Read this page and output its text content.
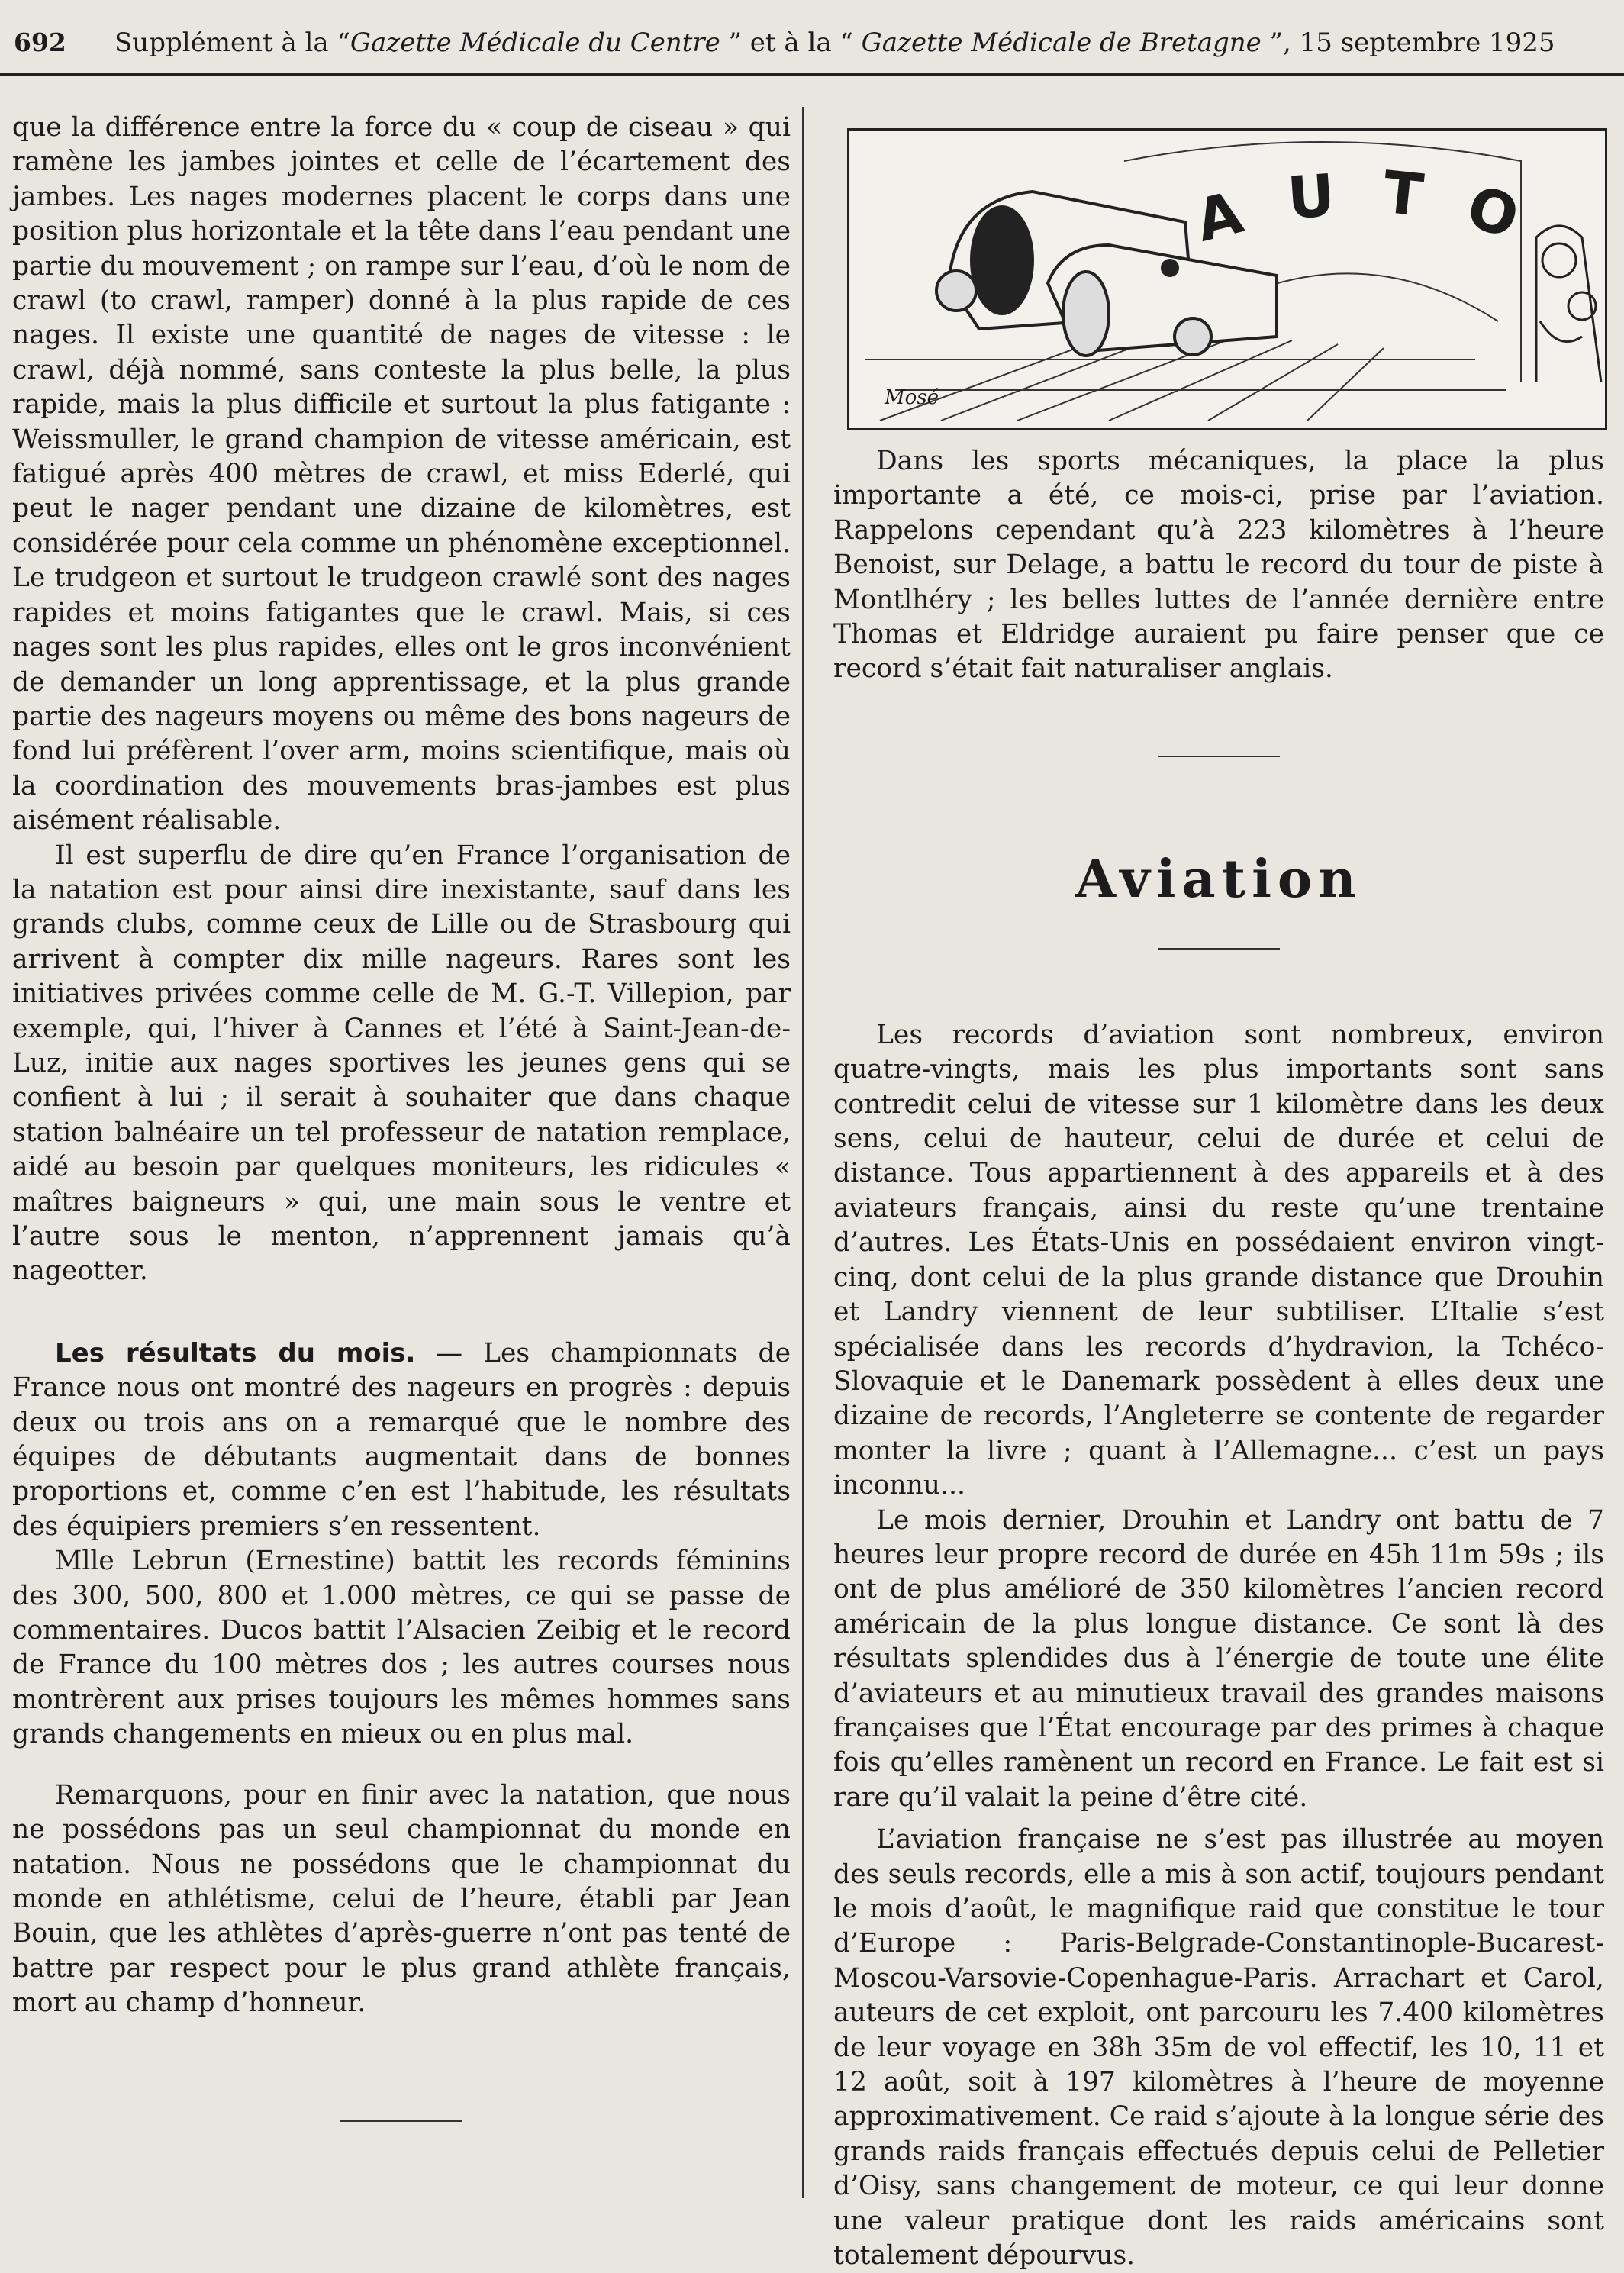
692 Supplément à la “Gazette Médicale du Centre ” et à la “ Gazette Médicale de Bretagne ”, 15 septembre 1925

que la différence entre la force du « coup de ciseau » qui ramène les jambes jointes et celle de l’écartement des jambes. Les nages modernes placent le corps dans une position plus horizontale et la tête dans l’eau pendant une partie du mouvement ; on rampe sur l’eau, d’où le nom de crawl (to crawl, ramper) donné à la plus rapide de ces nages. Il existe une quantité de nages de vitesse : le crawl, déjà nommé, sans conteste la plus belle, la plus rapide, mais la plus difficile et surtout la plus fatigante : Weissmuller, le grand champion de vitesse américain, est fatigué après 400 mètres de crawl, et miss Ederlé, qui peut le nager pendant une dizaine de kilomètres, est considérée pour cela comme un phénomène exceptionnel. Le trudgeon et surtout le trudgeon crawlé sont des nages rapides et moins fatigantes que le crawl. Mais, si ces nages sont les plus rapides, elles ont le gros inconvénient de demander un long apprentissage, et la plus grande partie des nageurs moyens ou même des bons nageurs de fond lui préfèrent l’over arm, moins scientifique, mais où la coordination des mouvements bras-jambes est plus aisément réalisable.

Il est superflu de dire qu’en France l’organisation de la natation est pour ainsi dire inexistante, sauf dans les grands clubs, comme ceux de Lille ou de Strasbourg qui arrivent à compter dix mille nageurs. Rares sont les initiatives privées comme celle de M. G.-T. Villepion, par exemple, qui, l’hiver à Cannes et l’été à Saint-Jean-de-Luz, initie aux nages sportives les jeunes gens qui se confient à lui ; il serait à souhaiter que dans chaque station balnéaire un tel professeur de natation remplace, aidé au besoin par quelques moniteurs, les ridicules « maîtres baigneurs » qui, une main sous le ventre et l’autre sous le menton, n’apprennent jamais qu’à nageotter.

Les résultats du mois. — Les championnats de France nous ont montré des nageurs en progrès : depuis deux ou trois ans on a remarqué que le nombre des équipes de débutants augmentait dans de bonnes proportions et, comme c’en est l’habitude, les résultats des équipiers premiers s’en ressentent.

Mlle Lebrun (Ernestine) battit les records féminins des 300, 500, 800 et 1.000 mètres, ce qui se passe de commentaires. Ducos battit l’Alsacien Zeibig et le record de France du 100 mètres dos ; les autres courses nous montrèrent aux prises toujours les mêmes hommes sans grands changements en mieux ou en plus mal.

Remarquons, pour en finir avec la natation, que nous ne possédons pas un seul championnat du monde en natation. Nous ne possédons que le championnat du monde en athlétisme, celui de l’heure, établi par Jean Bouin, que les athlètes d’après-guerre n’ont pas tenté de battre par respect pour le plus grand athlète français, mort au champ d’honneur.

A U T O
Mosé

Dans les sports mécaniques, la place la plus importante a été, ce mois-ci, prise par l’aviation. Rappelons cependant qu’à 223 kilomètres à l’heure Benoist, sur Delage, a battu le record du tour de piste à Montlhéry ; les belles luttes de l’année dernière entre Thomas et Eldridge auraient pu faire penser que ce record s’était fait naturaliser anglais.

Aviation

Les records d’aviation sont nombreux, environ quatre-vingts, mais les plus importants sont sans contredit celui de vitesse sur 1 kilomètre dans les deux sens, celui de hauteur, celui de durée et celui de distance. Tous appartiennent à des appareils et à des aviateurs français, ainsi du reste qu’une trentaine d’autres. Les États-Unis en possédaient environ vingt-cinq, dont celui de la plus grande distance que Drouhin et Landry viennent de leur subtiliser. L’Italie s’est spécialisée dans les records d’hydravion, la Tchéco-Slovaquie et le Danemark possèdent à elles deux une dizaine de records, l’Angleterre se contente de regarder monter la livre ; quant à l’Allemagne... c’est un pays inconnu...

Le mois dernier, Drouhin et Landry ont battu de 7 heures leur propre record de durée en 45h 11m 59s ; ils ont de plus amélioré de 350 kilomètres l’ancien record américain de la plus longue distance. Ce sont là des résultats splendides dus à l’énergie de toute une élite d’aviateurs et au minutieux travail des grandes maisons françaises que l’État encourage par des primes à chaque fois qu’elles ramènent un record en France. Le fait est si rare qu’il valait la peine d’être cité.

L’aviation française ne s’est pas illustrée au moyen des seuls records, elle a mis à son actif, toujours pendant le mois d’août, le magnifique raid que constitue le tour d’Europe : Paris-Belgrade-Constantinople-Bucarest-Moscou-Varsovie-Copenhague-Paris. Arrachart et Carol, auteurs de cet exploit, ont parcouru les 7.400 kilomètres de leur voyage en 38h 35m de vol effectif, les 10, 11 et 12 août, soit à 197 kilomètres à l’heure de moyenne approximativement. Ce raid s’ajoute à la longue série des grands raids français effectués depuis celui de Pelletier d’Oisy, sans changement de moteur, ce qui leur donne une valeur pratique dont les raids américains sont totalement dépourvus.
